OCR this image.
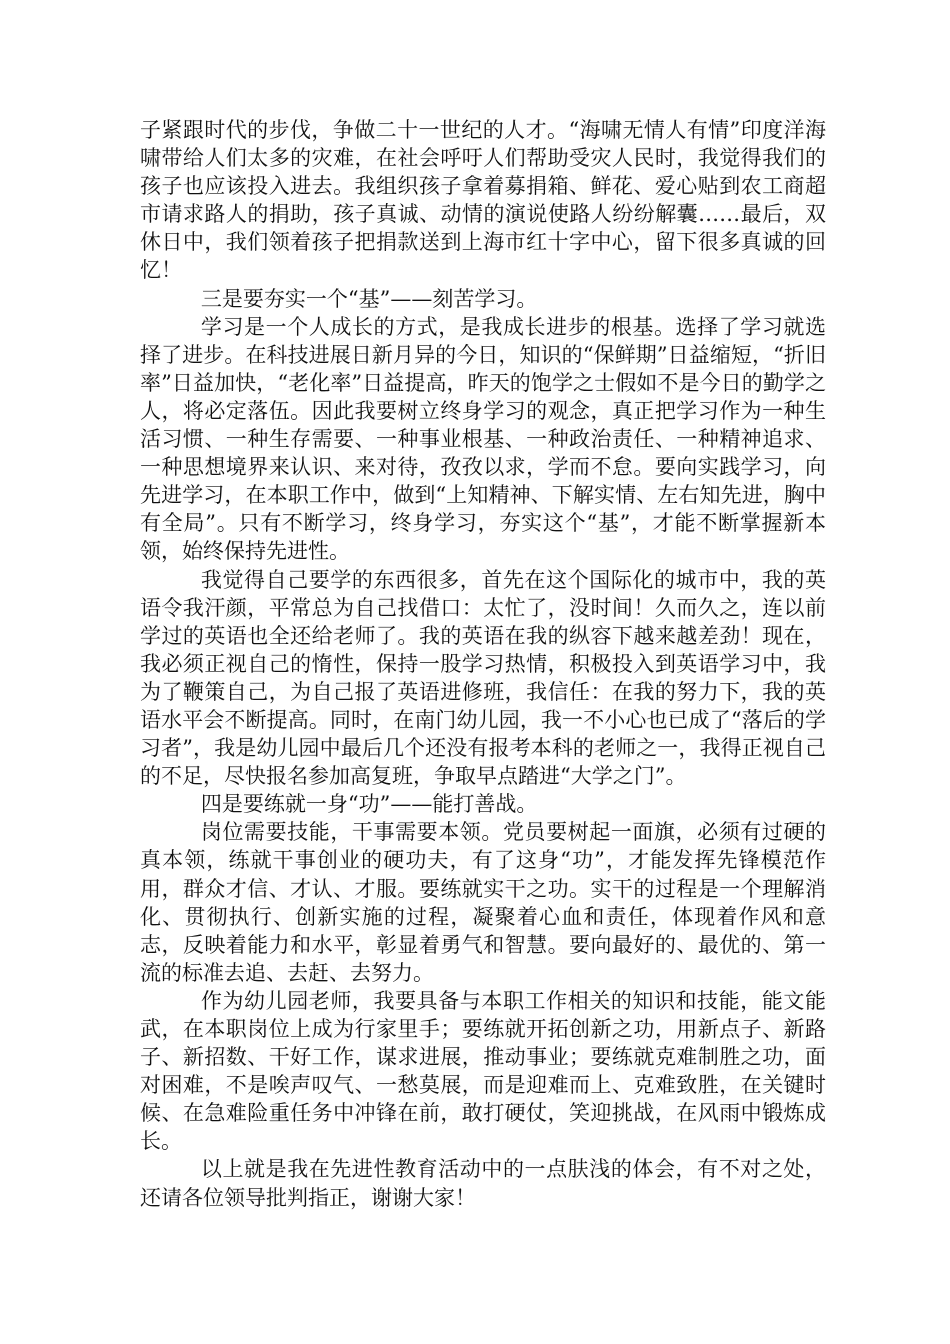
子紧跟时代的步伐，争做二十一世纪的人才。“海啸无情人有情”印度洋海啸带给人们太多的灾难，在社会呼吁人们帮助受灾人民时，我觉得我们的孩子也应该投入进去。我组织孩子拿着募捐箱、鲜花、爱心贴到农工商超市请求路人的捐助，孩子真诚、动情的演说使路人纷纷解囊……最后，双休日中，我们领着孩子把捐款送到上海市红十字中心，留下很多真诚的回忆！

三是要夯实一个“基”——刻苦学习。

学习是一个人成长的方式，是我成长进步的根基。选择了学习就选择了进步。在科技进展日新月异的今日，知识的“保鲜期”日益缩短，“折旧率”日益加快，“老化率”日益提高，昨天的饱学之士假如不是今日的勤学之人，将必定落伍。因此我要树立终身学习的观念，真正把学习作为一种生活习惯、一种生存需要、一种事业根基、一种政治责任、一种精神追求、一种思想境界来认识、来对待，孜孜以求，学而不怠。要向实践学习，向先进学习，在本职工作中，做到“上知精神、下解实情、左右知先进，胸中有全局”。只有不断学习，终身学习，夯实这个“基”，才能不断掌握新本领，始终保持先进性。

我觉得自己要学的东西很多，首先在这个国际化的城市中，我的英语令我汗颜，平常总为自己找借口：太忙了，没时间！久而久之，连以前学过的英语也全还给老师了。我的英语在我的纵容下越来越差劲！现在，我必须正视自己的惰性，保持一股学习热情，积极投入到英语学习中，我为了鞭策自己，为自己报了英语进修班，我信任：在我的努力下，我的英语水平会不断提高。同时，在南门幼儿园，我一不小心也已成了“落后的学习者”，我是幼儿园中最后几个还没有报考本科的老师之一，我得正视自己的不足，尽快报名参加高复班，争取早点踏进“大学之门”。

四是要练就一身“功”——能打善战。

岗位需要技能，干事需要本领。党员要树起一面旗，必须有过硬的真本领，练就干事创业的硬功夫，有了这身“功”，才能发挥先锋模范作用，群众才信、才认、才服。要练就实干之功。实干的过程是一个理解消化、贯彻执行、创新实施的过程，凝聚着心血和责任，体现着作风和意志，反映着能力和水平，彰显着勇气和智慧。要向最好的、最优的、第一流的标准去追、去赶、去努力。

作为幼儿园老师，我要具备与本职工作相关的知识和技能，能文能武，在本职岗位上成为行家里手；要练就开拓创新之功，用新点子、新路子、新招数、干好工作，谋求进展，推动事业；要练就克难制胜之功，面对困难，不是唉声叹气、一愁莫展，而是迎难而上、克难致胜，在关键时候、在急难险重任务中冲锋在前，敢打硬仗，笑迎挑战，在风雨中锻炼成长。

以上就是我在先进性教育活动中的一点肤浅的体会，有不对之处，还请各位领导批判指正，谢谢大家！
